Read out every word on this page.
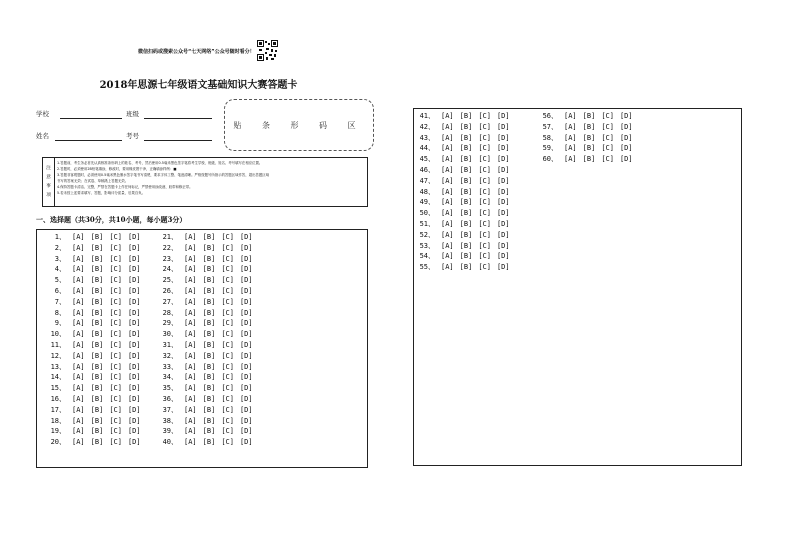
微信扫码或搜索公众号“七天网络”公众号随时看分！
2018年思源七年级语文基础知识大赛答题卡
学校	班级
姓名	考号
贴 条 形 码 区
注
意
事
项
1.答题前，考生务必首先认真核准条形码上的姓名、考号，然后使用0.5毫米黑色签字笔将考生学校、班级、姓名、考号填写在相应位置。
2.答题时，必须使用2B铅笔填涂，修改时，要用橡皮擦干净，正确填涂样例：■
3.答题非客观题时，必须使用0.5毫米黑色墨水签字笔书写清楚，要求字体工整、笔迹清晰。严格按题号所指示的答题区域作答，超出答题区域
书写的答案无效；在试卷、草稿纸上答题无效。
4.保持答题卡清洁、完整，严禁在答题卡上作任何标记，严禁使用涂改液、胶带和修正带。
5.若未按上述要求填写、答题，影响评分质量，后果自负。
一、选择题（共30分，共10小题，每小题3分）
1、 [A] [B] [C] [D]
2、 [A] [B] [C] [D]
3、 [A] [B] [C] [D]
4、 [A] [B] [C] [D]
5、 [A] [B] [C] [D]
6、 [A] [B] [C] [D]
7、 [A] [B] [C] [D]
8、 [A] [B] [C] [D]
9、 [A] [B] [C] [D]
10、 [A] [B] [C] [D]
11、 [A] [B] [C] [D]
12、 [A] [B] [C] [D]
13、 [A] [B] [C] [D]
14、 [A] [B] [C] [D]
15、 [A] [B] [C] [D]
16、 [A] [B] [C] [D]
17、 [A] [B] [C] [D]
18、 [A] [B] [C] [D]
19、 [A] [B] [C] [D]
20、 [A] [B] [C] [D]
21、 [A] [B] [C] [D]
22、 [A] [B] [C] [D]
23、 [A] [B] [C] [D]
24、 [A] [B] [C] [D]
25、 [A] [B] [C] [D]
26、 [A] [B] [C] [D]
27、 [A] [B] [C] [D]
28、 [A] [B] [C] [D]
29、 [A] [B] [C] [D]
30、 [A] [B] [C] [D]
31、 [A] [B] [C] [D]
32、 [A] [B] [C] [D]
33、 [A] [B] [C] [D]
34、 [A] [B] [C] [D]
35、 [A] [B] [C] [D]
36、 [A] [B] [C] [D]
37、 [A] [B] [C] [D]
38、 [A] [B] [C] [D]
39、 [A] [B] [C] [D]
40、 [A] [B] [C] [D]
41、 [A] [B] [C] [D]
42、 [A] [B] [C] [D]
43、 [A] [B] [C] [D]
44、 [A] [B] [C] [D]
45、 [A] [B] [C] [D]
46、 [A] [B] [C] [D]
47、 [A] [B] [C] [D]
48、 [A] [B] [C] [D]
49、 [A] [B] [C] [D]
50、 [A] [B] [C] [D]
51、 [A] [B] [C] [D]
52、 [A] [B] [C] [D]
53、 [A] [B] [C] [D]
54、 [A] [B] [C] [D]
55、 [A] [B] [C] [D]
56、 [A] [B] [C] [D]
57、 [A] [B] [C] [D]
58、 [A] [B] [C] [D]
59、 [A] [B] [C] [D]
60、 [A] [B] [C] [D]
